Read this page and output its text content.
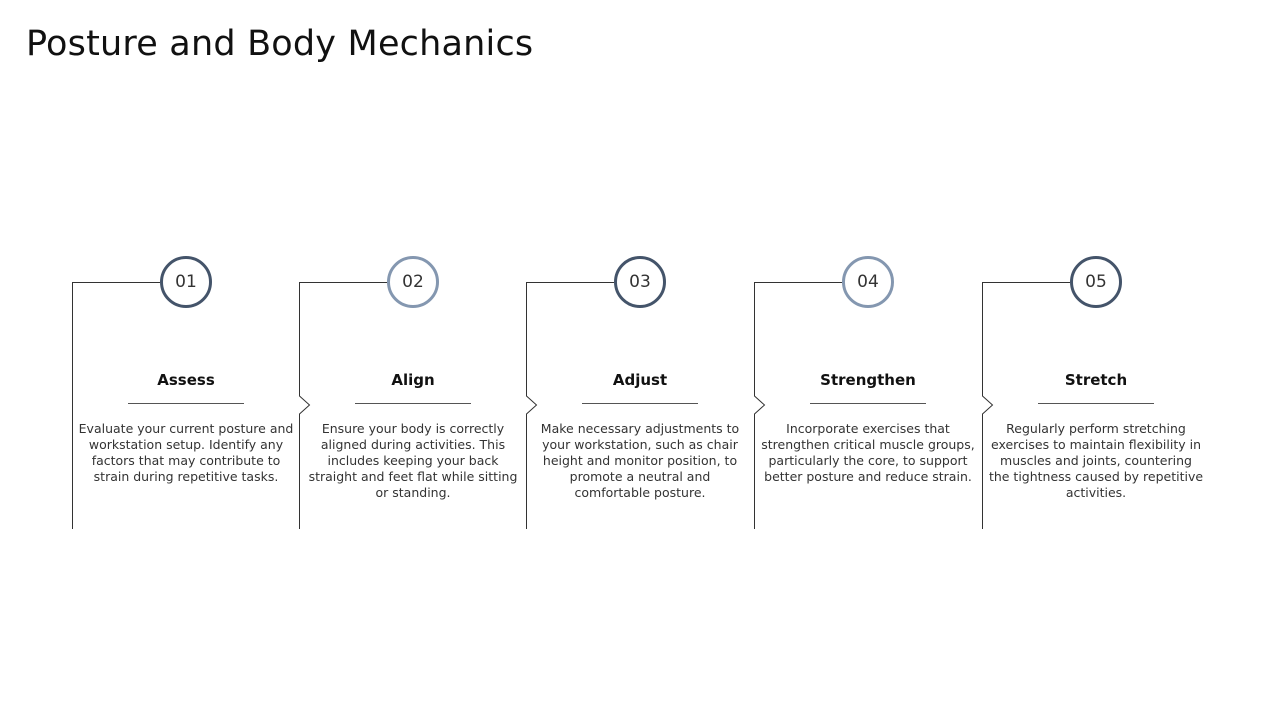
Posture and Body Mechanics
01
Assess

Evaluate your current posture and workstation setup. Identify any factors that may contribute to strain during repetitive tasks.

02
Align

Ensure your body is correctly aligned during activities. This includes keeping your back straight and feet flat while sitting or standing.

03
Adjust

Make necessary adjustments to your workstation, such as chair height and monitor position, to promote a neutral and comfortable posture.

04
Strengthen

Incorporate exercises that strengthen critical muscle groups, particularly the core, to support better posture and reduce strain.

05
Stretch

Regularly perform stretching exercises to maintain flexibility in muscles and joints, countering the tightness caused by repetitive activities.
